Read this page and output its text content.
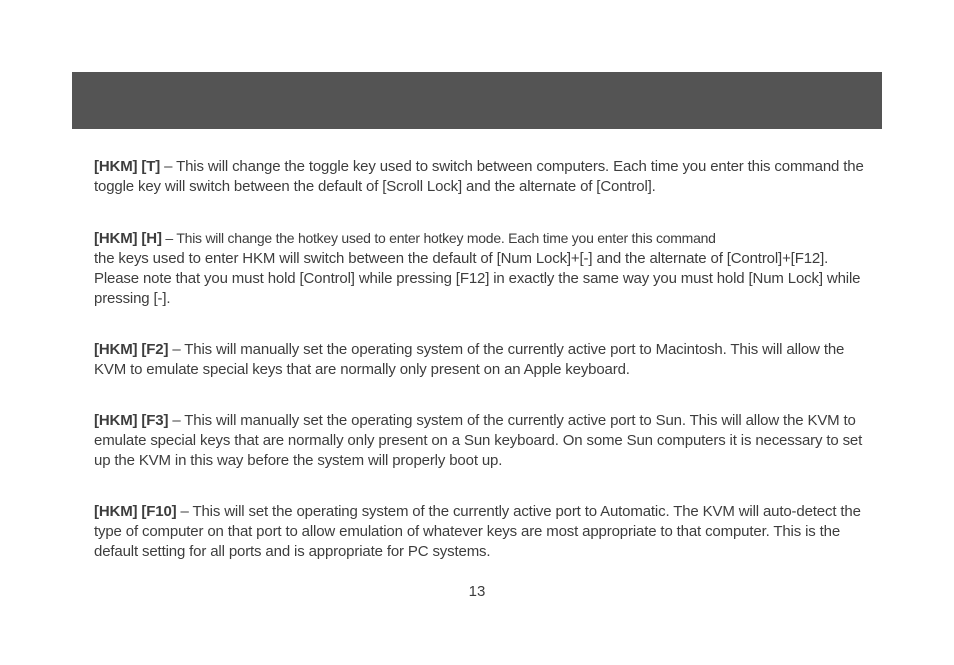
[HKM] [T] – This will change the toggle key used to switch between computers. Each time you enter this command the toggle key will switch between the default of [Scroll Lock] and the alternate of [Control].

[HKM] [H] – This will change the hotkey used to enter hotkey mode. Each time you enter this command
the keys used to enter HKM will switch between the default of [Num Lock]+[-] and the alternate of [Control]+[F12]. Please note that you must hold [Control] while pressing [F12] in exactly the same way you must hold [Num Lock] while pressing [-].

[HKM] [F2] – This will manually set the operating system of the currently active port to Macintosh. This will allow the KVM to emulate special keys that are normally only present on an Apple keyboard.

[HKM] [F3] – This will manually set the operating system of the currently active port to Sun. This will allow the KVM to emulate special keys that are normally only present on a Sun keyboard. On some Sun computers it is necessary to set up the KVM in this way before the system will properly boot up.

[HKM] [F10] – This will set the operating system of the currently active port to Automatic. The KVM will auto-detect the type of computer on that port to allow emulation of whatever keys are most appropriate to that computer. This is the default setting for all ports and is appropriate for PC systems.

13
